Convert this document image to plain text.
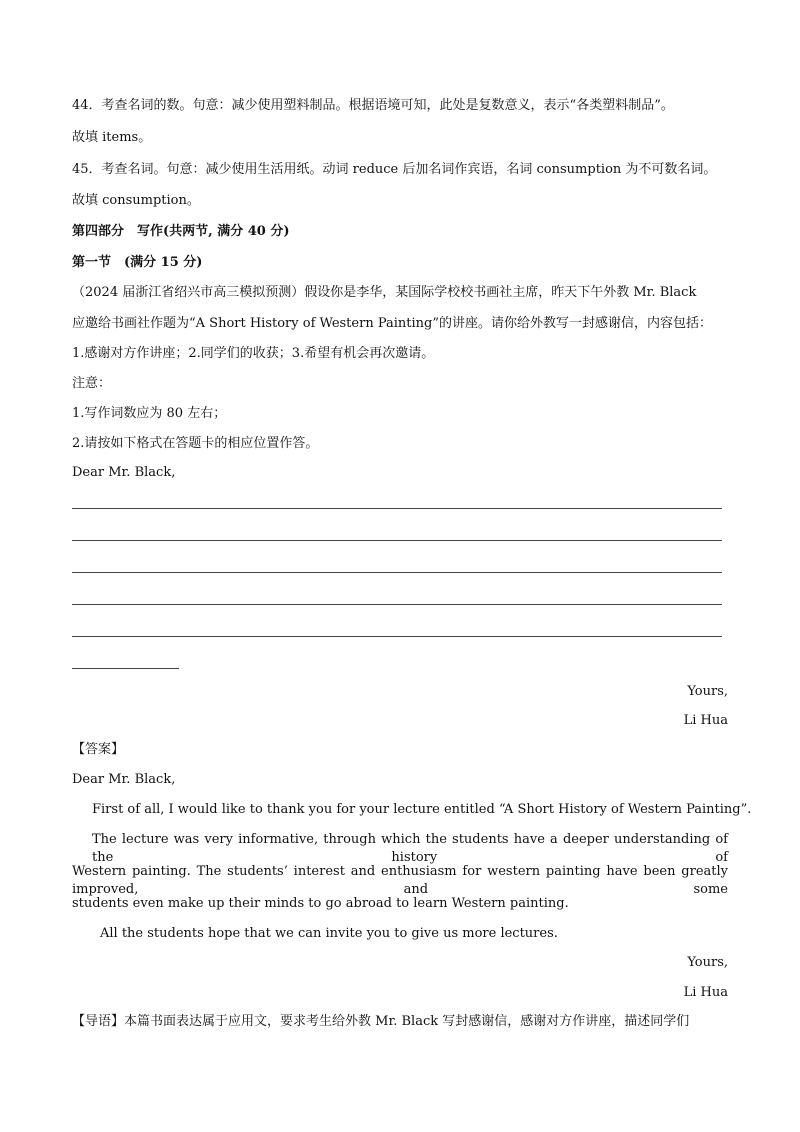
44．考查名词的数。句意：减少使用塑料制品。根据语境可知，此处是复数意义，表示“各类塑料制品”。
故填 items。
45．考查名词。句意：减少使用生活用纸。动词 reduce 后加名词作宾语，名词 consumption 为不可数名词。
故填 consumption。
第四部分　写作(共两节, 满分 40 分)
第一节　(满分 15 分)
（2024 届浙江省绍兴市高三模拟预测）假设你是李华，某国际学校校书画社主席，昨天下午外教 Mr. Black
应邀给书画社作题为“A Short History of Western Painting”的讲座。请你给外教写一封感谢信，内容包括：
1.感谢对方作讲座；2.同学们的收获；3.希望有机会再次邀请。
注意：
1.写作词数应为 80 左右；
2.请按如下格式在答题卡的相应位置作答。
Dear Mr. Black,
Yours,
Li Hua
【答案】
Dear Mr. Black,
First of all, I would like to thank you for your lecture entitled “A Short History of Western Painting”.
The lecture was very informative, through which the students have a deeper understanding of the history of
Western painting. The students’ interest and enthusiasm for western painting have been greatly improved, and some
students even make up their minds to go abroad to learn Western painting.
All the students hope that we can invite you to give us more lectures.
Yours,
Li Hua
【导语】本篇书面表达属于应用文，要求考生给外教 Mr. Black 写封感谢信，感谢对方作讲座，描述同学们
